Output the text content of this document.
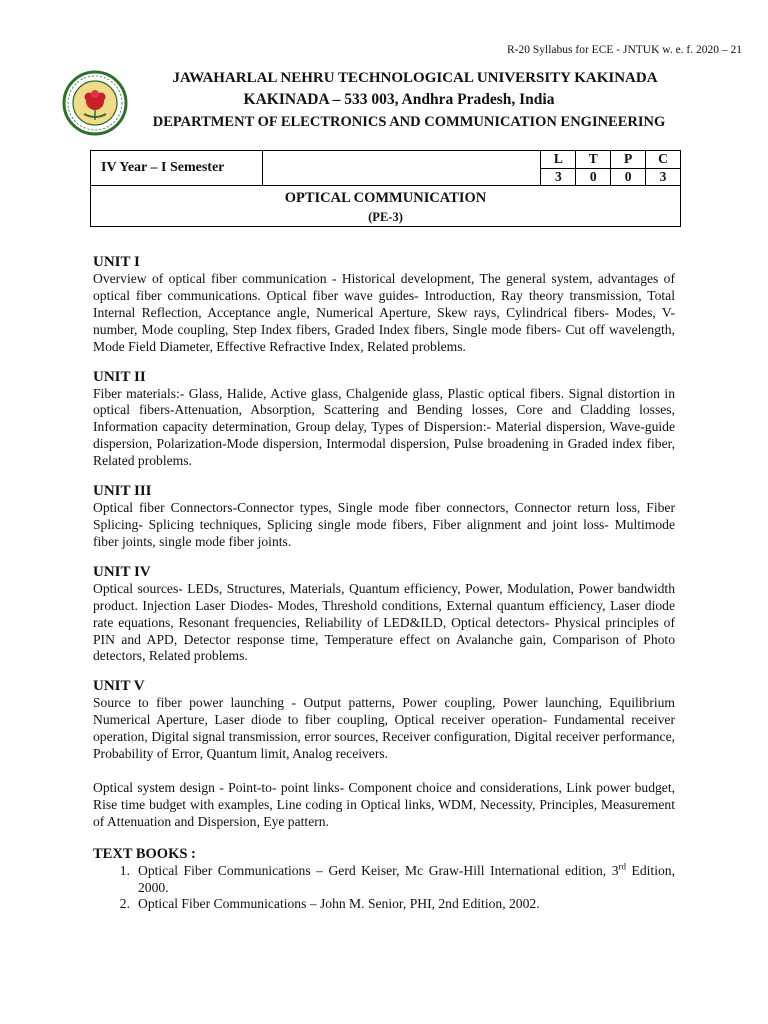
R-20 Syllabus for ECE - JNTUK w. e. f. 2020 – 21
JAWAHARLAL NEHRU TECHNOLOGICAL UNIVERSITY KAKINADA
KAKINADA – 533 003, Andhra Pradesh, India
DEPARTMENT OF ELECTRONICS AND COMMUNICATION ENGINEERING
IV Year – I Semester		L	T	P	C
		3	0	0	3

OPTICAL COMMUNICATION
(PE-3)					
UNIT I
Overview of optical fiber communication - Historical development, The general system, advantages of optical fiber communications. Optical fiber wave guides- Introduction, Ray theory transmission, Total Internal Reflection, Acceptance angle, Numerical Aperture, Skew rays, Cylindrical fibers- Modes, V-number, Mode coupling, Step Index fibers, Graded Index fibers, Single mode fibers- Cut off wavelength, Mode Field Diameter, Effective Refractive Index, Related problems.
UNIT II
Fiber materials:- Glass, Halide, Active glass, Chalgenide glass, Plastic optical fibers. Signal distortion in optical fibers-Attenuation, Absorption, Scattering and Bending losses, Core and Cladding losses, Information capacity determination, Group delay, Types of Dispersion:- Material dispersion, Wave-guide dispersion, Polarization-Mode dispersion, Intermodal dispersion, Pulse broadening in Graded index fiber, Related problems.
UNIT III
Optical fiber Connectors-Connector types, Single mode fiber connectors, Connector return loss, Fiber Splicing- Splicing techniques, Splicing single mode fibers, Fiber alignment and joint loss- Multimode fiber joints, single mode fiber joints.
UNIT IV
Optical sources- LEDs, Structures, Materials, Quantum efficiency, Power, Modulation, Power bandwidth product. Injection Laser Diodes- Modes, Threshold conditions, External quantum efficiency, Laser diode rate equations, Resonant frequencies, Reliability of LED&ILD, Optical detectors- Physical principles of PIN and APD, Detector response time, Temperature effect on Avalanche gain, Comparison of Photo detectors, Related problems.
UNIT V
Source to fiber power launching - Output patterns, Power coupling, Power launching, Equilibrium Numerical Aperture, Laser diode to fiber coupling, Optical receiver operation- Fundamental receiver operation, Digital signal transmission, error sources, Receiver configuration, Digital receiver performance, Probability of Error, Quantum limit, Analog receivers.
Optical system design - Point-to- point links- Component choice and considerations, Link power budget, Rise time budget with examples, Line coding in Optical links, WDM, Necessity, Principles, Measurement of Attenuation and Dispersion, Eye pattern.
TEXT BOOKS :
1. Optical Fiber Communications – Gerd Keiser, Mc Graw-Hill International edition, 3rd Edition, 2000.
2. Optical Fiber Communications – John M. Senior, PHI, 2nd Edition, 2002.
